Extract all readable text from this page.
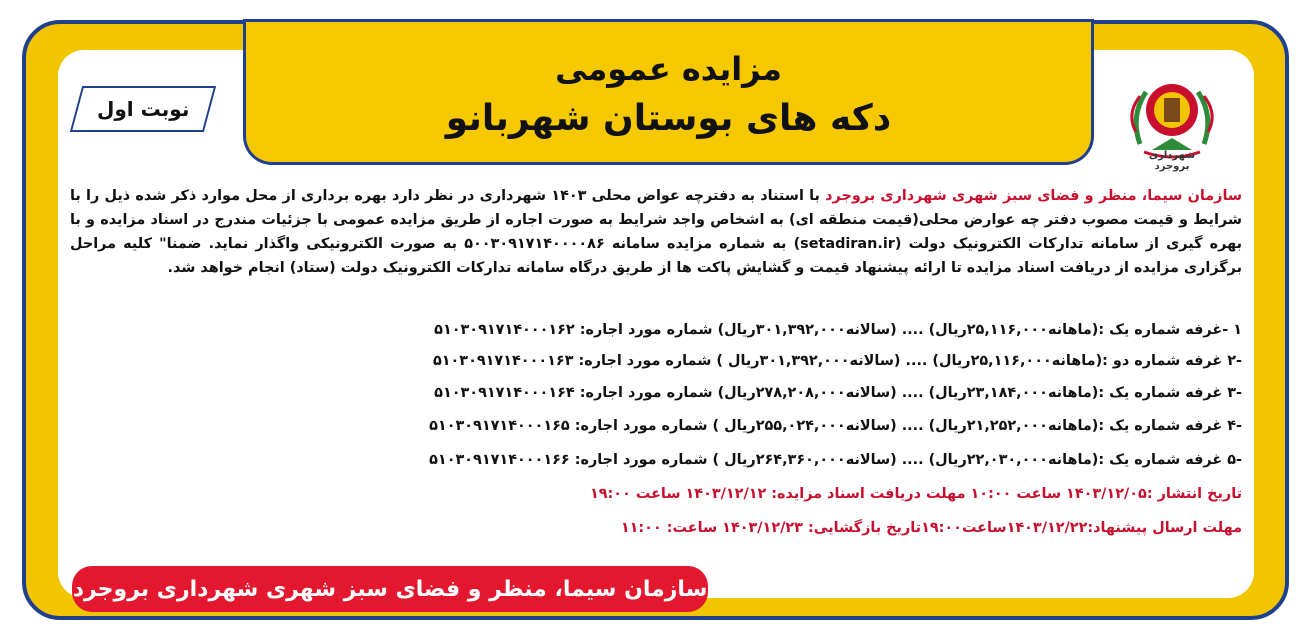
مزایده عمومی

دکه های بوستان شهربانو

نوبت اول
شهرداری بروجرد
سازمان سیما، منظر و فضای سبز شهری شهرداری بروجرد با استناد به دفترچه عواض محلی ۱۴۰۳ شهرداری در نظر دارد بهره برداری از محل موارد ذکر شده ذیل را با شرایط و قیمت مصوب دفتر چه عوارض محلی(قیمت منطقه ای) به اشخاص واجد شرایط به صورت اجاره از طریق مزایده عمومی با جزئیات مندرج در اسناد مزایده و با بهره گیری از سامانه تدارکات الکترونیک دولت (setadiran.ir) به شماره مزایده سامانه ۵۰۰۳۰۹۱۷۱۴۰۰۰۰۸۶ به صورت الکترونیکی واگذار نماید. ضمنا" کلیه مراحل برگزاری مزایده از دریافت اسناد مزایده تا ارائه پیشنهاد قیمت و گشایش پاکت ها از طریق درگاه سامانه تدارکات الکترونیک دولت (ستاد) انجام خواهد شد.
۱ -غرفه شماره یک :(ماهانه۲۵,۱۱۶,۰۰۰ریال) .... (سالانه۳۰۱,۳۹۲,۰۰۰ریال) شماره مورد اجاره: ۵۱۰۳۰۹۱۷۱۴۰۰۰۱۶۲
-۲ غرفه شماره دو :(ماهانه۲۵,۱۱۶,۰۰۰ریال) .... (سالانه۳۰۱,۳۹۲,۰۰۰ریال ) شماره مورد اجاره: ۵۱۰۳۰۹۱۷۱۴۰۰۰۱۶۳
-۳ غرفه شماره یک :(ماهانه۲۳,۱۸۴,۰۰۰ریال) .... (سالانه۲۷۸,۲۰۸,۰۰۰ریال) شماره مورد اجاره: ۵۱۰۳۰۹۱۷۱۴۰۰۰۱۶۴
-۴ غرفه شماره یک :(ماهانه۲۱,۲۵۲,۰۰۰ریال) .... (سالانه۲۵۵,۰۲۴,۰۰۰ریال ) شماره مورد اجاره: ۵۱۰۳۰۹۱۷۱۴۰۰۰۱۶۵
-۵ غرفه شماره یک :(ماهانه۲۲,۰۳۰,۰۰۰ریال) .... (سالانه۲۶۴,۳۶۰,۰۰۰ریال ) شماره مورد اجاره: ۵۱۰۳۰۹۱۷۱۴۰۰۰۱۶۶
تاریخ انتشار :۱۴۰۳/۱۲/۰۵ ساعت ۱۰:۰۰ مهلت دریافت اسناد مزایده: ۱۴۰۳/۱۲/۱۲ ساعت ۱۹:۰۰
مهلت ارسال پیشنهاد:۱۴۰۳/۱۲/۲۲ساعت۱۹:۰۰تاریخ بازگشایی: ۱۴۰۳/۱۲/۲۳ ساعت: ۱۱:۰۰
سازمان سیما، منظر و فضای سبز شهری شهرداری بروجرد
